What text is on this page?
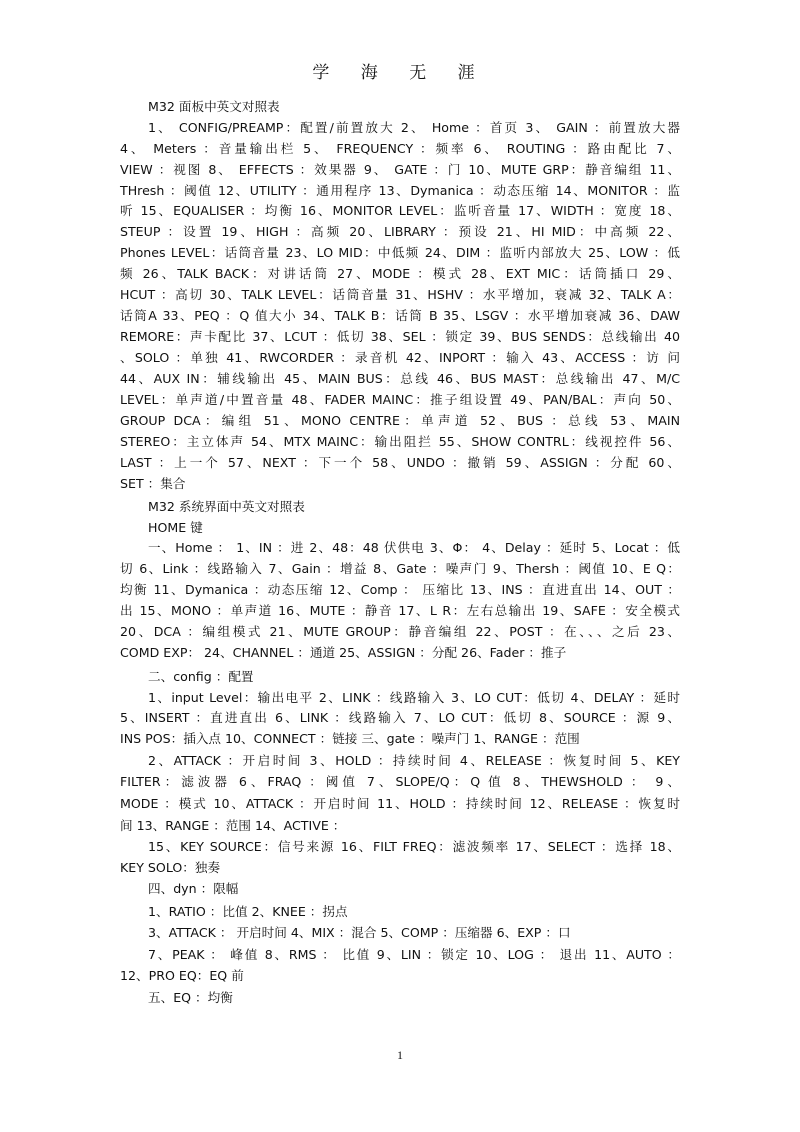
学 海 无 涯
M32 面板中英文对照表
1、 CONFIG/PREAMP：配置/前置放大 2、 Home ：首页 3、 GAIN ：前置放大器
4、 Meters ：音量输出栏 5、 FREQUENCY ：频率 6、 ROUTING ：路由配比 7、
VIEW ：视图 8、 EFFECTS ：效果器 9、 GATE ：门 10、MUTE GRP：静音编组 11、
THresh ：阈值 12、UTILITY ：通用程序 13、Dymanica ：动态压缩 14、MONITOR ：监
听 15、EQUALISER ：均衡 16、MONITOR LEVEL：监听音量 17、WIDTH ：宽度 18、
STEUP ：设置 19、HIGH ：高频 20、LIBRARY ：预设 21、HI MID：中高频 22、
Phones LEVEL：话筒音量 23、LO MID：中低频 24、DIM ：监听内部放大 25、LOW ：低
频 26、TALK BACK：对讲话筒 27、MODE ：模式 28、EXT MIC：话筒插口 29、
HCUT ：高切 30、TALK LEVEL：话筒音量 31、HSHV ：水平增加，衰减 32、TALK A：
话筒A 33、PEQ ：Q 值大小 34、TALK B：话筒 B 35、LSGV ：水平增加衰减 36、DAW
REMORE：声卡配比 37、LCUT ：低切 38、SEL ：锁定 39、BUS SENDS：总线输出 40
、SOLO ：单独 41、RWCORDER ：录音机 42、INPORT ：输入 43、ACCESS ：访 问
44、AUX IN：辅线输出 45、MAIN BUS：总线 46、BUS MAST：总线输出 47、M/C
LEVEL：单声道/中置音量 48、FADER MAINC：推子组设置 49、PAN/BAL：声向 50、
GROUP DCA：编组 51、MONO CENTRE：单声道 52、BUS ：总线 53、MAIN
STEREO：主立体声 54、MTX MAINC：输出阻拦 55、SHOW CONTRL：线视控件 56、
LAST ：上一个 57、NEXT ：下一个 58、UNDO ：撤销 59、ASSIGN ：分配 60、
SET ：集合
M32 系统界面中英文对照表
HOME 键
一、Home ： 1、IN ：进 2、48：48 伏供电 3、Φ： 4、Delay ：延时 5、Locat ：低
切 6、Link ：线路输入 7、Gain ：增益 8、Gate ：噪声门 9、Thersh ：阈值 10、E Q：
均衡 11、Dymanica ：动态压缩 12、Comp ： 压缩比 13、INS ：直进直出 14、OUT ：
出 15、MONO ：单声道 16、MUTE ：静音 17、L R：左右总输出 19、SAFE ：安全模式
20、DCA ：编组模式 21、MUTE GROUP：静音编组 22、POST ：在、、、之后 23、
COMD EXP： 24、CHANNEL ：通道 25、ASSIGN ：分配 26、Fader ：推子
二、config ：配置
1、input Level：输出电平 2、LINK ：线路输入 3、LO CUT：低切 4、DELAY ：延时
5、INSERT ：直进直出 6、LINK ：线路输入 7、LO CUT：低切 8、SOURCE ：源 9、
INS POS：插入点 10、CONNECT ：链接 三、gate ：噪声门 1、RANGE ：范围
2、ATTACK ：开启时间 3、HOLD ：持续时间 4、RELEASE ：恢复时间 5、KEY
FILTER：滤波器 6、FRAQ ：阈值 7、SLOPE/Q：Q 值 8、THEWSHOLD ： 9、
MODE ：模式 10、ATTACK ：开启时间 11、HOLD ：持续时间 12、RELEASE ：恢复时
间 13、RANGE ：范围 14、ACTIVE ：
15、KEY SOURCE：信号来源 16、FILT FREQ：滤波频率 17、SELECT ：选择 18、
KEY SOLO：独奏
四、dyn ：限幅
1、RATIO ：比值 2、KNEE ：拐点
3、ATTACK ： 开启时间 4、MIX ：混合 5、COMP ：压缩器 6、EXP ：口
7、PEAK ： 峰值 8、RMS ： 比值 9、LIN ：锁定 10、LOG ： 退出 11、AUTO ：
12、PRO EQ：EQ 前
五、EQ ：均衡
1
